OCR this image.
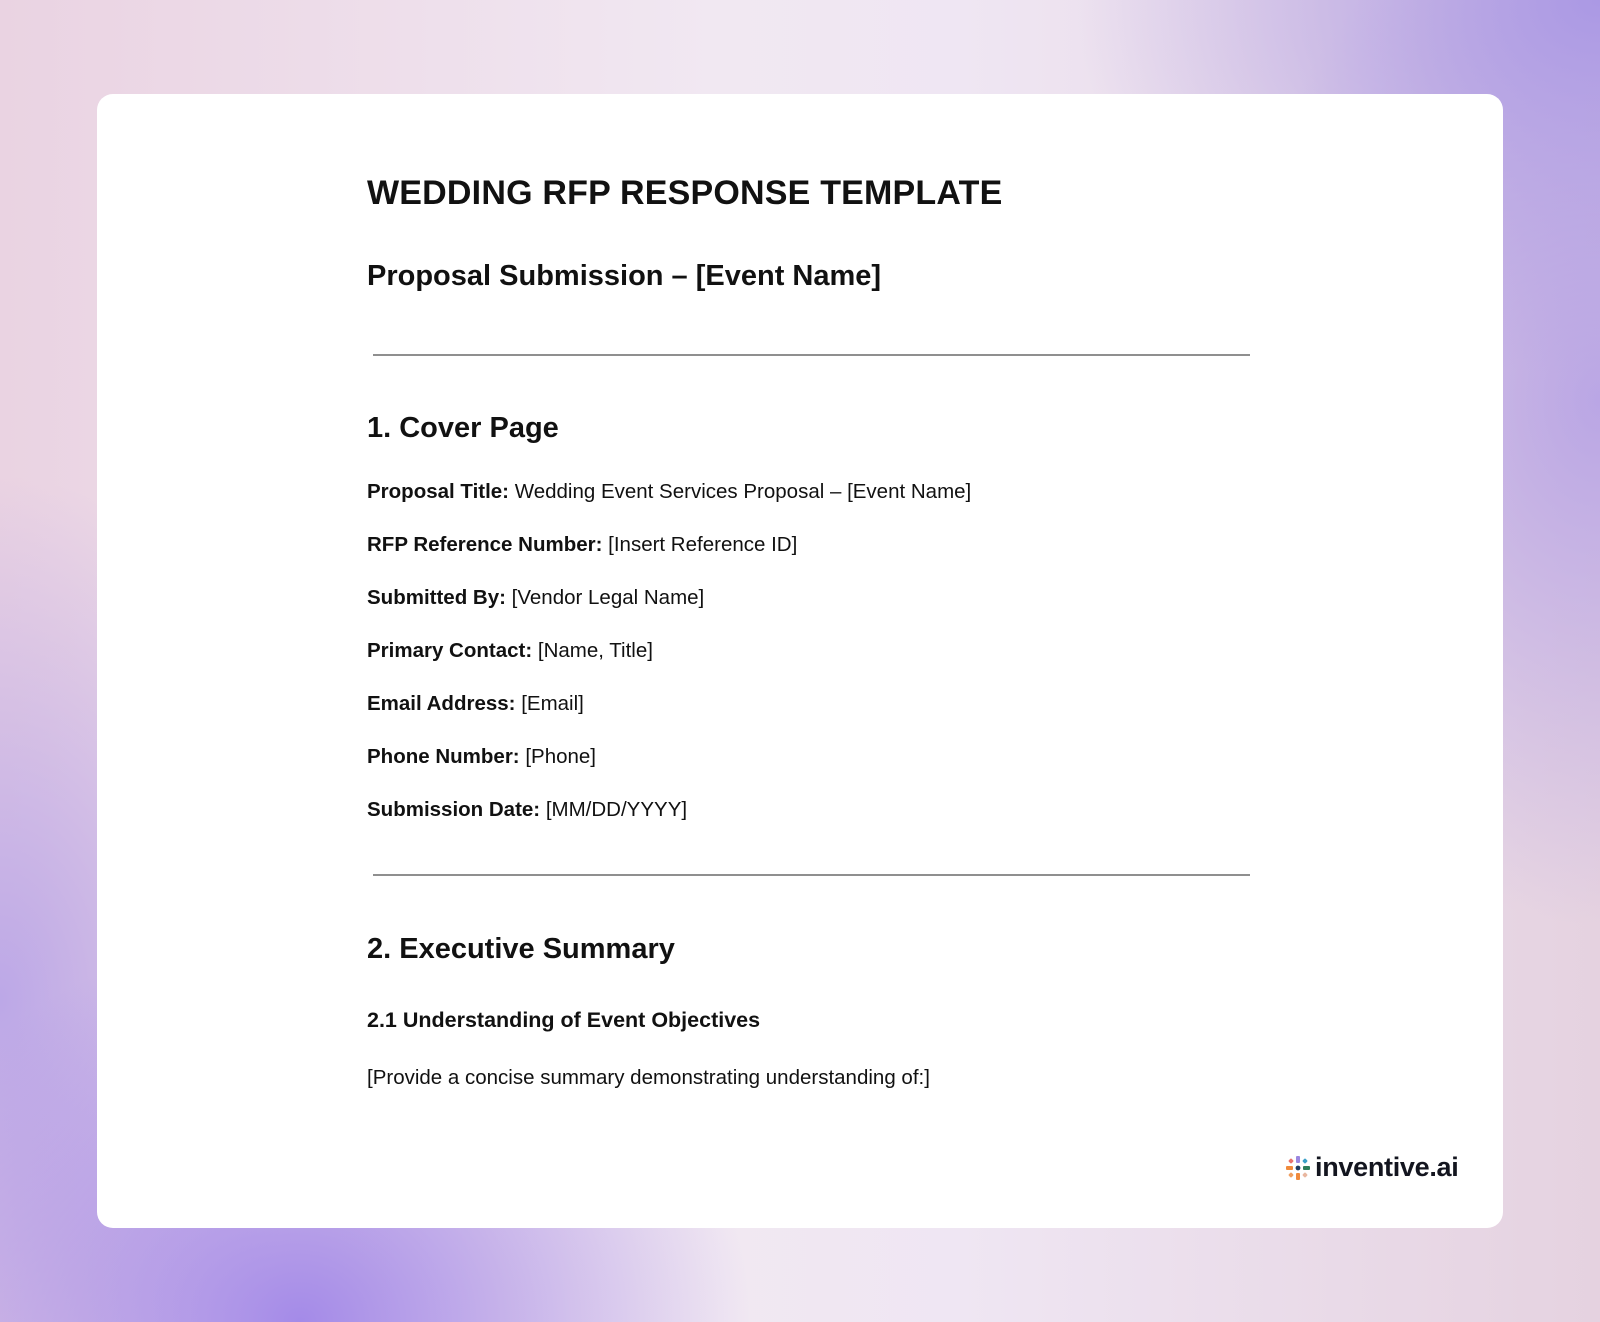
WEDDING RFP RESPONSE TEMPLATE
Proposal Submission – [Event Name]
1. Cover Page
Proposal Title: Wedding Event Services Proposal – [Event Name]
RFP Reference Number: [Insert Reference ID]
Submitted By: [Vendor Legal Name]
Primary Contact: [Name, Title]
Email Address: [Email]
Phone Number: [Phone]
Submission Date: [MM/DD/YYYY]
2. Executive Summary
2.1 Understanding of Event Objectives
[Provide a concise summary demonstrating understanding of:]
inventive.ai
